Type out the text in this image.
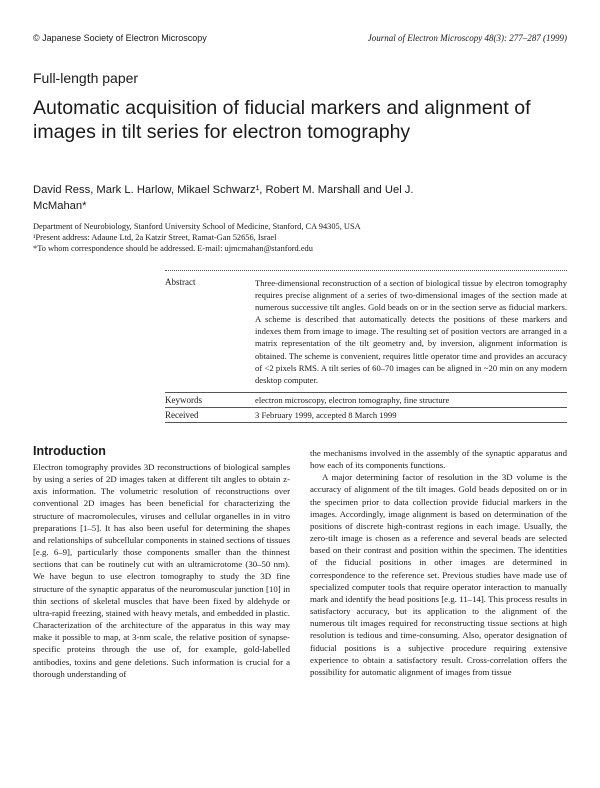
© Japanese Society of Electron Microscopy	Journal of Electron Microscopy 48(3): 277–287 (1999)
Full-length paper
Automatic acquisition of fiducial markers and alignment of images in tilt series for electron tomography
David Ress, Mark L. Harlow, Mikael Schwarz¹, Robert M. Marshall and Uel J. McMahan*
Department of Neurobiology, Stanford University School of Medicine, Stanford, CA 94305, USA
¹Present address: Adaune Ltd, 2a Katzir Street, Ramat-Gan 52656, Israel
*To whom correspondence should be addressed. E-mail: ujmcmahan@stanford.edu
Abstract	Three-dimensional reconstruction of a section of biological tissue by electron tomography requires precise alignment of a series of two-dimensional images of the section made at numerous successive tilt angles. Gold beads on or in the section serve as fiducial markers. A scheme is described that automatically detects the positions of these markers and indexes them from image to image. The resulting set of position vectors are arranged in a matrix representation of the tilt geometry and, by inversion, alignment information is obtained. The scheme is convenient, requires little operator time and provides an accuracy of <2 pixels RMS. A tilt series of 60–70 images can be aligned in ~20 min on any modern desktop computer.
Keywords	electron microscopy, electron tomography, fine structure
Received	3 February 1999, accepted 8 March 1999
Introduction

Electron tomography provides 3D reconstructions of biological samples by using a series of 2D images taken at different tilt angles to obtain z-axis information. The volumetric resolution of reconstructions over conventional 2D images has been beneficial for characterizing the structure of macromolecules, viruses and cellular organelles in in vitro preparations [1–5]. It has also been useful for determining the shapes and relationships of subcellular components in stained sections of tissues [e.g. 6–9], particularly those components smaller than the thinnest sections that can be routinely cut with an ultramicrotome (30–50 nm). We have begun to use electron tomography to study the 3D fine structure of the synaptic apparatus of the neuromuscular junction [10] in thin sections of skeletal muscles that have been fixed by aldehyde or ultra-rapid freezing, stained with heavy metals, and embedded in plastic. Characterization of the architecture of the apparatus in this way may make it possible to map, at 3-nm scale, the relative position of synapse-specific proteins through the use of, for example, gold-labelled antibodies, toxins and gene deletions. Such information is crucial for a thorough understanding of

the mechanisms involved in the assembly of the synaptic apparatus and how each of its components functions.

A major determining factor of resolution in the 3D volume is the accuracy of alignment of the tilt images. Gold beads deposited on or in the specimen prior to data collection provide fiducial markers in the images. Accordingly, image alignment is based on determination of the positions of discrete high-contrast regions in each image. Usually, the zero-tilt image is chosen as a reference and several beads are selected based on their contrast and position within the specimen. The identities of the fiducial positions in other images are determined in correspondence to the reference set. Previous studies have made use of specialized computer tools that require operator interaction to manually mark and identify the bead positions [e.g. 11–14]. This process results in satisfactory accuracy, but its application to the alignment of the numerous tilt images required for reconstructing tissue sections at high resolution is tedious and time-consuming. Also, operator designation of fiducial positions is a subjective procedure requiring extensive experience to obtain a satisfactory result. Cross-correlation offers the possibility for automatic alignment of images from tissue
